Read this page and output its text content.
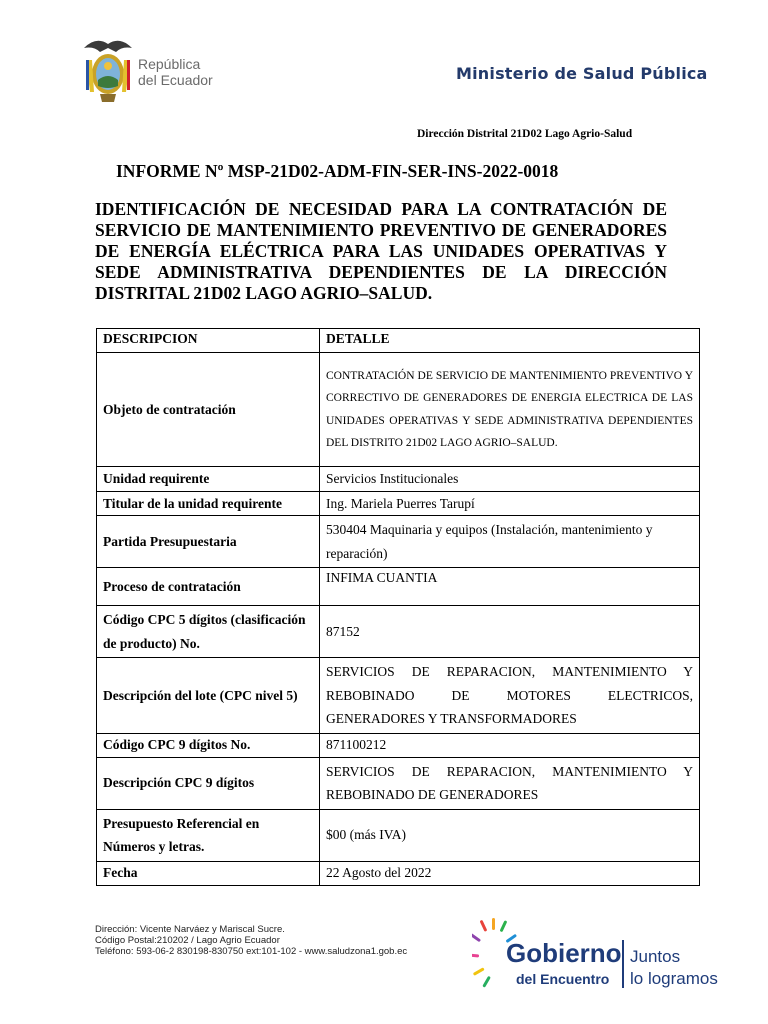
República
del Ecuador	Ministerio de Salud Pública
Dirección Distrital 21D02 Lago Agrio-Salud
INFORME Nº MSP-21D02-ADM-FIN-SER-INS-2022-0018
IDENTIFICACIÓN DE NECESIDAD PARA LA CONTRATACIÓN DE SERVICIO DE MANTENIMIENTO PREVENTIVO DE GENERADORES DE ENERGÍA ELÉCTRICA PARA LAS UNIDADES OPERATIVAS Y SEDE ADMINISTRATIVA DEPENDIENTES DE LA DIRECCIÓN DISTRITAL 21D02 LAGO AGRIO–SALUD.
DESCRIPCION	DETALLE
Objeto de contratación	CONTRATACIÓN DE SERVICIO DE MANTENIMIENTO PREVENTIVO Y CORRECTIVO DE GENERADORES DE ENERGIA ELECTRICA DE LAS UNIDADES OPERATIVAS Y SEDE ADMINISTRATIVA DEPENDIENTES DEL DISTRITO 21D02 LAGO AGRIO–SALUD.
Unidad requirente	Servicios Institucionales
Titular de la unidad requirente	Ing. Mariela Puerres Tarupí
Partida Presupuestaria	530404 Maquinaria y equipos (Instalación, mantenimiento y reparación)
Proceso de contratación	INFIMA CUANTIA
Código CPC 5 dígitos (clasificación de producto) No.	87152
Descripción del lote (CPC nivel 5)	SERVICIOS DE REPARACION, MANTENIMIENTO Y REBOBINADO DE MOTORES ELECTRICOS, GENERADORES Y TRANSFORMADORES
Código CPC 9 dígitos No.	871100212
Descripción CPC 9 dígitos	SERVICIOS DE REPARACION, MANTENIMIENTO Y REBOBINADO DE GENERADORES
Presupuesto Referencial en Números y letras.	$00 (más IVA)
Fecha	22 Agosto del 2022
Dirección: Vicente Narváez y Mariscal Sucre.
Código Postal:210202 / Lago Agrio Ecuador
Teléfono: 593-06-2 830198-830750 ext:101-102 - www.saludzona1.gob.ec	Gobierno
del Encuentro
Juntos
lo logramos
